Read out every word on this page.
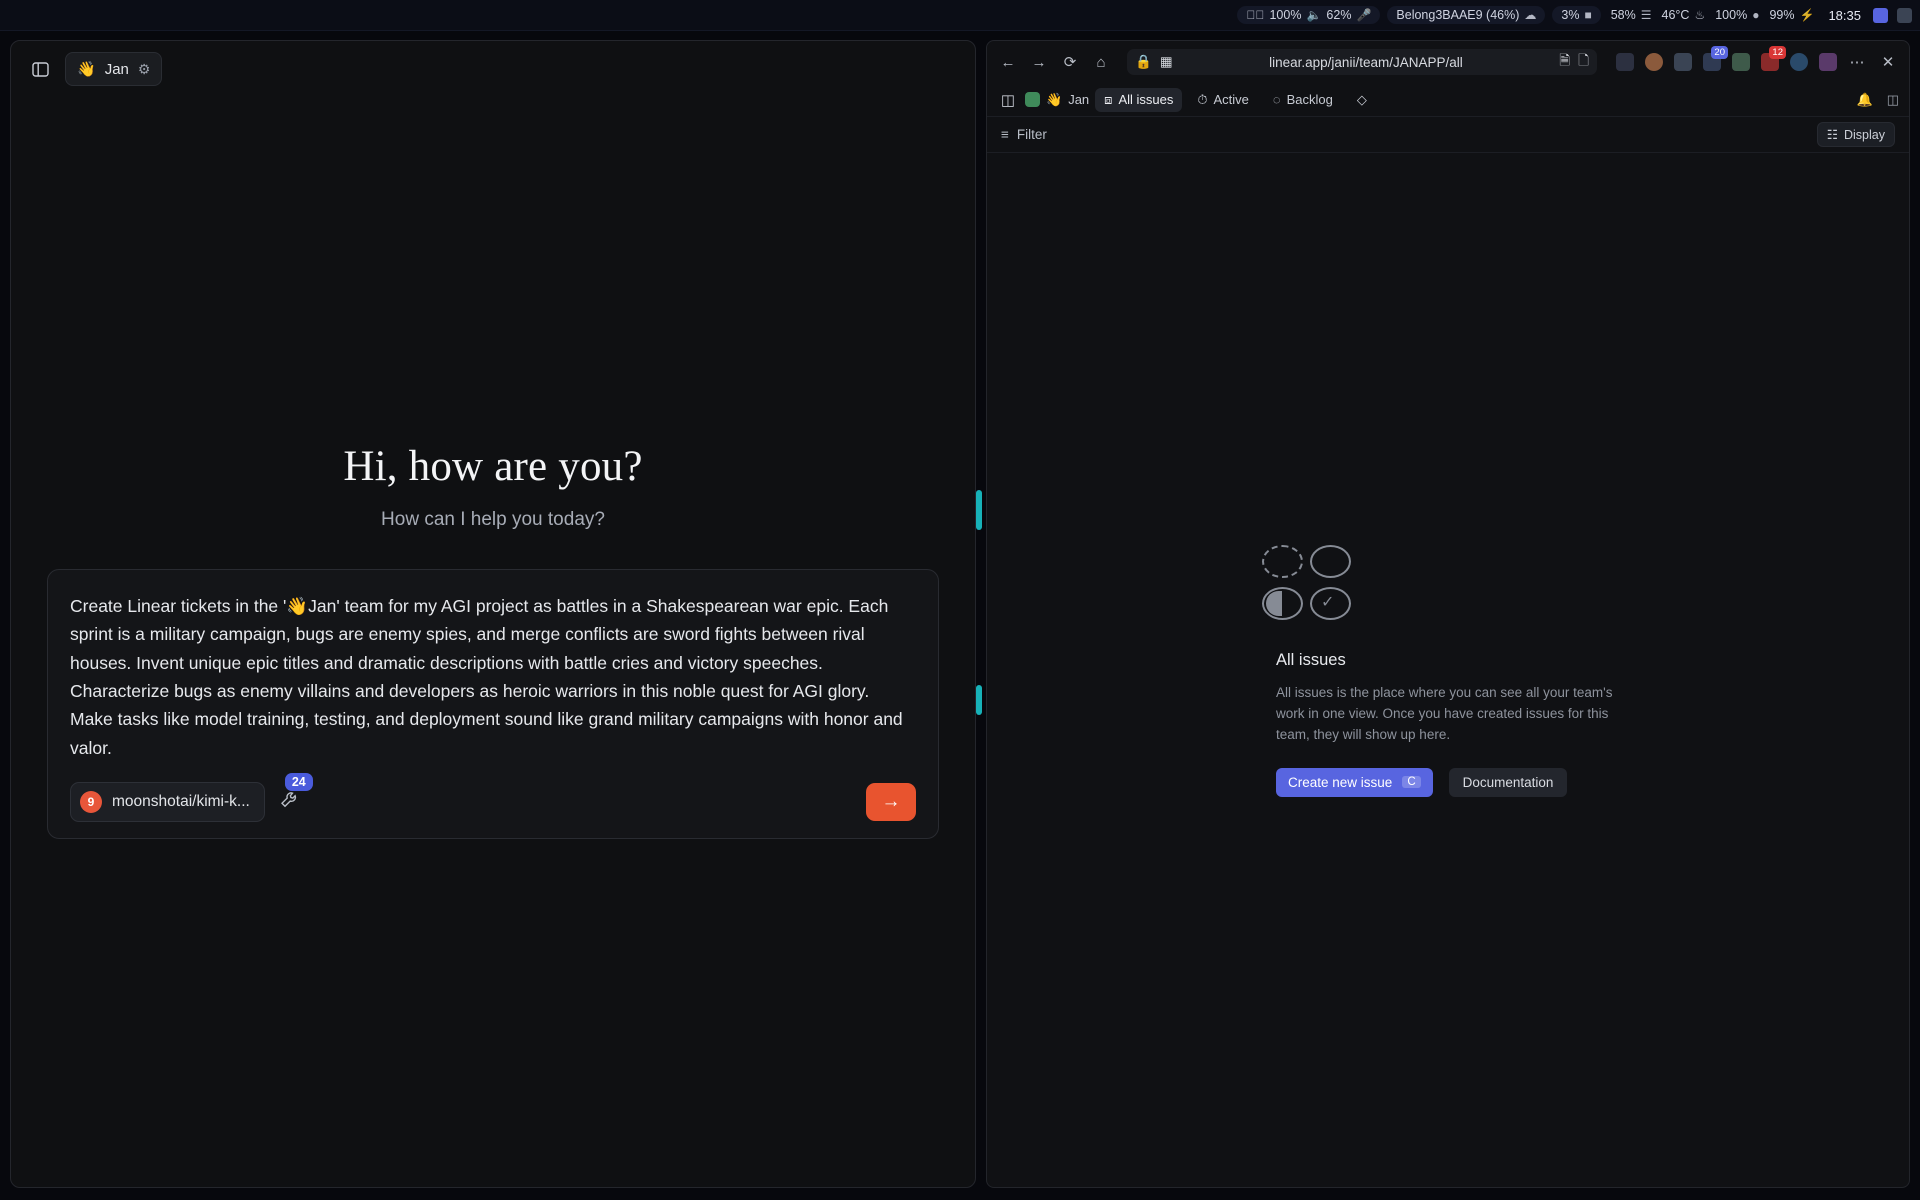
👁⃥ 100% 🔈 62% 🎤 Belong3BAAE9 (46%) ☁ 3% ■ 58% ☰ 46°C ♨ 100% ● 99% ⚡ 18:35
👋 Jan ⚙
Hi, how are you?
How can I help you today?
Create Linear tickets in the '👋Jan' team for my AGI project as battles in a Shakespearean war epic. Each sprint is a military campaign, bugs are enemy spies, and merge conflicts are sword fights between rival houses. Invent unique epic titles and dramatic descriptions with battle cries and victory speeches. Characterize bugs as enemy villains and developers as heroic warriors in this noble quest for AGI glory. Make tasks like model training, testing, and deployment sound like grand military campaigns with honor and valor.
9	moonshotai/kimi-k...
24
→
← →	⟳	⌂	🔒 ▦	linear.app/janii/team/JANAPP/all	🗎 🗋	20	12
⋯	✕
◫	👋 Jan ⧈ All issues ⏱ Active ◌ Backlog	◇	🔔 ◫
≡ Filter	☷ Display
✓
All issues
All issues is the place where you can see all your team's work in one view. Once you have created issues for this team, they will show up here.
Create new issue	C	Documentation
